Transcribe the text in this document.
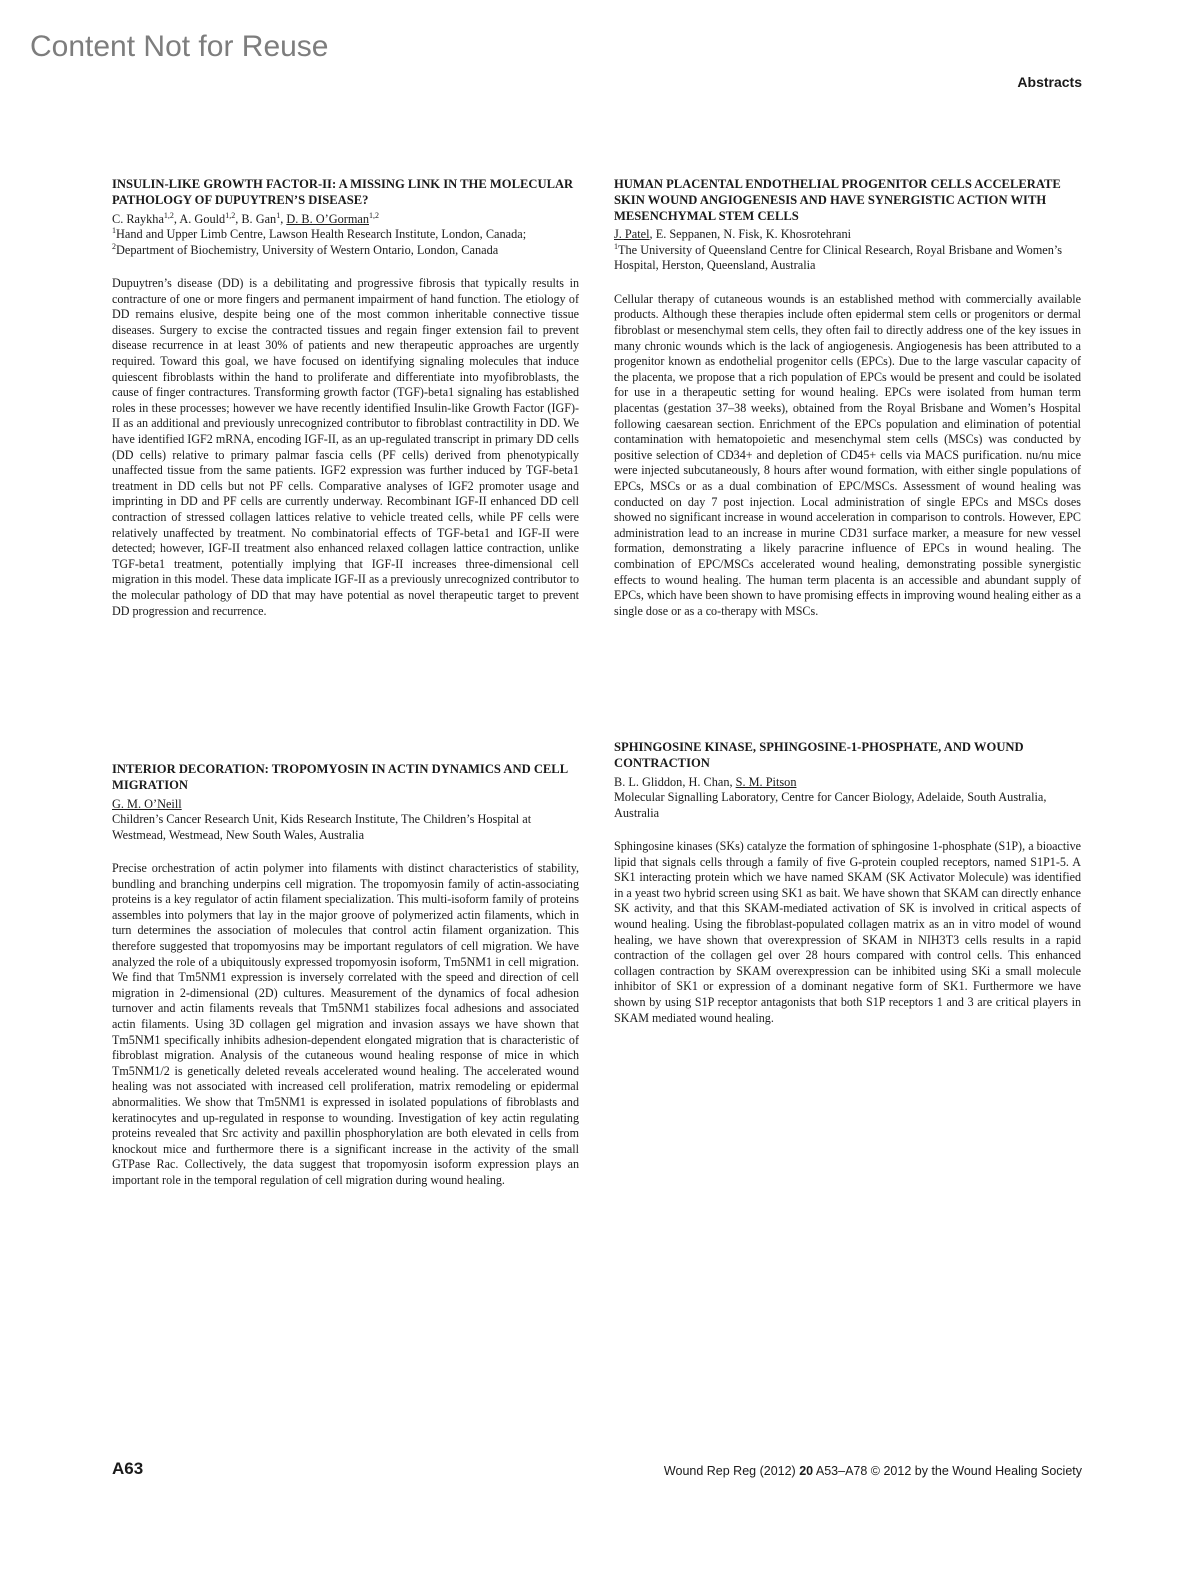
Content Not for Reuse
Abstracts
INSULIN-LIKE GROWTH FACTOR-II: A MISSING LINK IN THE MOLECULAR PATHOLOGY OF DUPUYTREN’S DISEASE?

C. Raykha$^{1,2}$, A. Gould$^{1,2}$, B. Gan$^1$, D. B. O’Gorman$^{1,2}$

$^1$Hand and Upper Limb Centre, Lawson Health Research Institute, London, Canada;

$^2$Department of Biochemistry, University of Western Ontario, London, Canada

Dupuytren’s disease (DD) is a debilitating and progressive fibrosis that typically results in contracture of one or more fingers and permanent impairment of hand function. The etiology of DD remains elusive, despite being one of the most common inheritable connective tissue diseases. Surgery to excise the contracted tissues and regain finger extension fail to prevent disease recurrence in at least 30% of patients and new therapeutic approaches are urgently required. Toward this goal, we have focused on identifying signaling molecules that induce quiescent fibroblasts within the hand to proliferate and differentiate into myofibroblasts, the cause of finger contractures. Transforming growth factor (TGF)-beta1 signaling has established roles in these processes; however we have recently identified Insulin-like Growth Factor (IGF)-II as an additional and previously unrecognized contributor to fibroblast contractility in DD. We have identified IGF2 mRNA, encoding IGF-II, as an up-regulated transcript in primary DD cells (DD cells) relative to primary palmar fascia cells (PF cells) derived from phenotypically unaffected tissue from the same patients. IGF2 expression was further induced by TGF-beta1 treatment in DD cells but not PF cells. Comparative analyses of IGF2 promoter usage and imprinting in DD and PF cells are currently underway. Recombinant IGF-II enhanced DD cell contraction of stressed collagen lattices relative to vehicle treated cells, while PF cells were relatively unaffected by treatment. No combinatorial effects of TGF-beta1 and IGF-II were detected; however, IGF-II treatment also enhanced relaxed collagen lattice contraction, unlike TGF-beta1 treatment, potentially implying that IGF-II increases three-dimensional cell migration in this model. These data implicate IGF-II as a previously unrecognized contributor to the molecular pathology of DD that may have potential as novel therapeutic target to prevent DD progression and recurrence.

HUMAN PLACENTAL ENDOTHELIAL PROGENITOR CELLS ACCELERATE SKIN WOUND ANGIOGENESIS AND HAVE SYNERGISTIC ACTION WITH MESENCHYMAL STEM CELLS

J. Patel, E. Seppanen, N. Fisk, K. Khosrotehrani

$^1$The University of Queensland Centre for Clinical Research, Royal Brisbane and Women’s Hospital, Herston, Queensland, Australia

Cellular therapy of cutaneous wounds is an established method with commercially available products. Although these therapies include often epidermal stem cells or progenitors or dermal fibroblast or mesenchymal stem cells, they often fail to directly address one of the key issues in many chronic wounds which is the lack of angiogenesis. Angiogenesis has been attributed to a progenitor known as endothelial progenitor cells (EPCs). Due to the large vascular capacity of the placenta, we propose that a rich population of EPCs would be present and could be isolated for use in a therapeutic setting for wound healing. EPCs were isolated from human term placentas (gestation 37–38 weeks), obtained from the Royal Brisbane and Women’s Hospital following caesarean section. Enrichment of the EPCs population and elimination of potential contamination with hematopoietic and mesenchymal stem cells (MSCs) was conducted by positive selection of CD34+ and depletion of CD45+ cells via MACS purification. nu/nu mice were injected subcutaneously, 8 hours after wound formation, with either single populations of EPCs, MSCs or as a dual combination of EPC/MSCs. Assessment of wound healing was conducted on day 7 post injection. Local administration of single EPCs and MSCs doses showed no significant increase in wound acceleration in comparison to controls. However, EPC administration lead to an increase in murine CD31 surface marker, a measure for new vessel formation, demonstrating a likely paracrine influence of EPCs in wound healing. The combination of EPC/MSCs accelerated wound healing, demonstrating possible synergistic effects to wound healing. The human term placenta is an accessible and abundant supply of EPCs, which have been shown to have promising effects in improving wound healing either as a single dose or as a co-therapy with MSCs.

SPHINGOSINE KINASE, SPHINGOSINE-1-PHOSPHATE, AND WOUND CONTRACTION

B. L. Gliddon, H. Chan, S. M. Pitson

Molecular Signalling Laboratory, Centre for Cancer Biology, Adelaide, South Australia, Australia

Sphingosine kinases (SKs) catalyze the formation of sphingosine 1-phosphate (S1P), a bioactive lipid that signals cells through a family of five G-protein coupled receptors, named S1P1-5. A SK1 interacting protein which we have named SKAM (SK Activator Molecule) was identified in a yeast two hybrid screen using SK1 as bait. We have shown that SKAM can directly enhance SK activity, and that this SKAM-mediated activation of SK is involved in critical aspects of wound healing. Using the fibroblast-populated collagen matrix as an in vitro model of wound healing, we have shown that overexpression of SKAM in NIH3T3 cells results in a rapid contraction of the collagen gel over 28 hours compared with control cells. This enhanced collagen contraction by SKAM overexpression can be inhibited using SKi a small molecule inhibitor of SK1 or expression of a dominant negative form of SK1. Furthermore we have shown by using S1P receptor antagonists that both S1P receptors 1 and 3 are critical players in SKAM mediated wound healing.

INTERIOR DECORATION: TROPOMYOSIN IN ACTIN DYNAMICS AND CELL MIGRATION

G. M. O’Neill

Children’s Cancer Research Unit, Kids Research Institute, The Children’s Hospital at Westmead, Westmead, New South Wales, Australia

Precise orchestration of actin polymer into filaments with distinct characteristics of stability, bundling and branching underpins cell migration. The tropomyosin family of actin-associating proteins is a key regulator of actin filament specialization. This multi-isoform family of proteins assembles into polymers that lay in the major groove of polymerized actin filaments, which in turn determines the association of molecules that control actin filament organization. This therefore suggested that tropomyosins may be important regulators of cell migration. We have analyzed the role of a ubiquitously expressed tropomyosin isoform, Tm5NM1 in cell migration. We find that Tm5NM1 expression is inversely correlated with the speed and direction of cell migration in 2-dimensional (2D) cultures. Measurement of the dynamics of focal adhesion turnover and actin filaments reveals that Tm5NM1 stabilizes focal adhesions and associated actin filaments. Using 3D collagen gel migration and invasion assays we have shown that Tm5NM1 specifically inhibits adhesion-dependent elongated migration that is characteristic of fibroblast migration. Analysis of the cutaneous wound healing response of mice in which Tm5NM1/2 is genetically deleted reveals accelerated wound healing. The accelerated wound healing was not associated with increased cell proliferation, matrix remodeling or epidermal abnormalities. We show that Tm5NM1 is expressed in isolated populations of fibroblasts and keratinocytes and up-regulated in response to wounding. Investigation of key actin regulating proteins revealed that Src activity and paxillin phosphorylation are both elevated in cells from knockout mice and furthermore there is a significant increase in the activity of the small GTPase Rac. Collectively, the data suggest that tropomyosin isoform expression plays an important role in the temporal regulation of cell migration during wound healing.

A63	Wound Rep Reg (2012) 20 A53–A78 © 2012 by the Wound Healing Society
